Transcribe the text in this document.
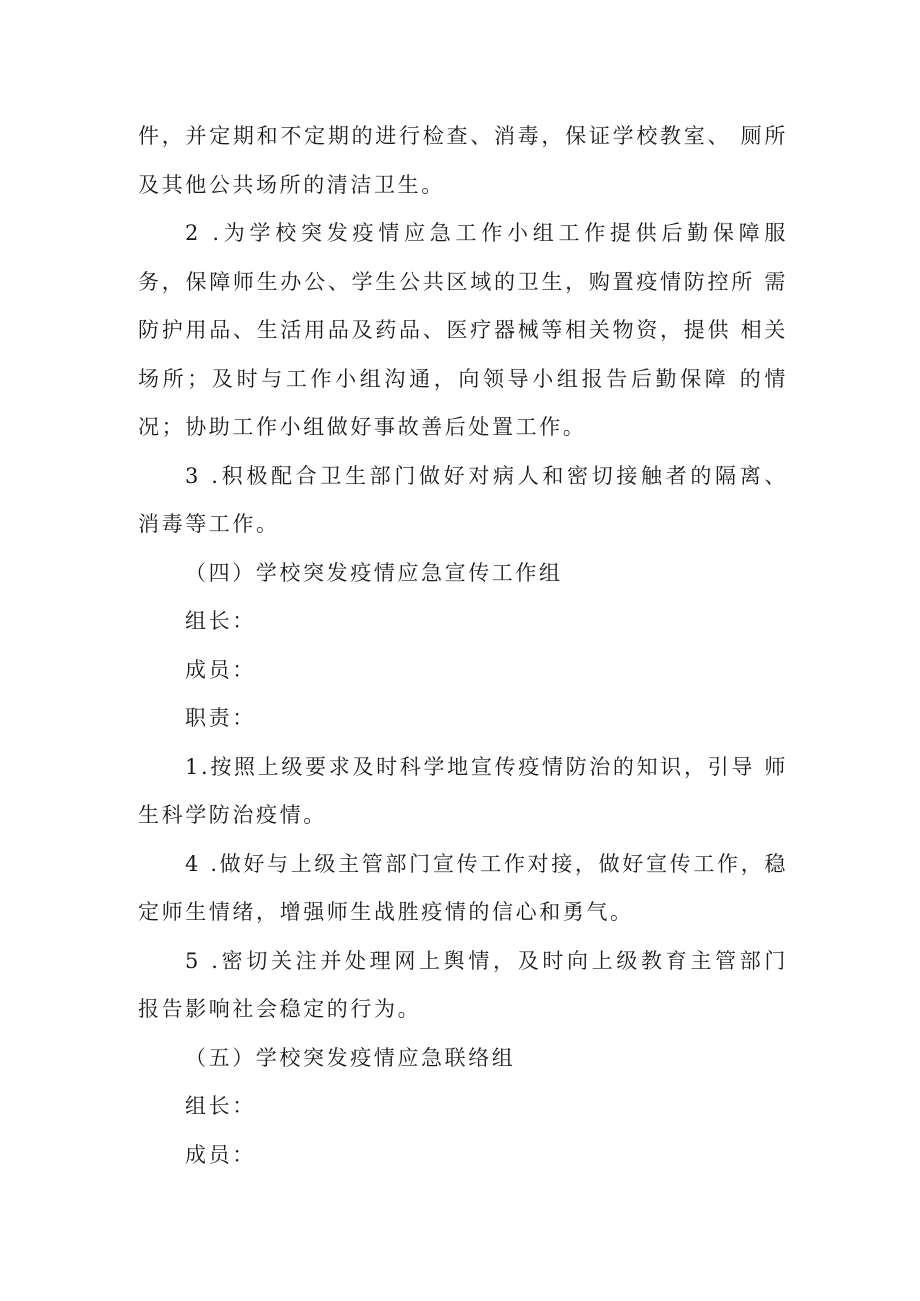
件，并定期和不定期的进行检查、消毒，保证学校教室、 厕所及其他公共场所的清洁卫生。

2 .为学校突发疫情应急工作小组工作提供后勤保障服 务，保障师生办公、学生公共区域的卫生，购置疫情防控所 需防护用品、生活用品及药品、医疗器械等相关物资，提供 相关场所；及时与工作小组沟通，向领导小组报告后勤保障 的情况；协助工作小组做好事故善后处置工作。

3 .积极配合卫生部门做好对病人和密切接触者的隔离、 消毒等工作。

（四）学校突发疫情应急宣传工作组

组长：

成员：

职责：

1.按照上级要求及时科学地宣传疫情防治的知识，引导 师生科学防治疫情。

4 .做好与上级主管部门宣传工作对接，做好宣传工作，稳定师生情绪，增强师生战胜疫情的信心和勇气。

5 .密切关注并处理网上舆情，及时向上级教育主管部门 报告影响社会稳定的行为。

（五）学校突发疫情应急联络组

组长：

成员：
